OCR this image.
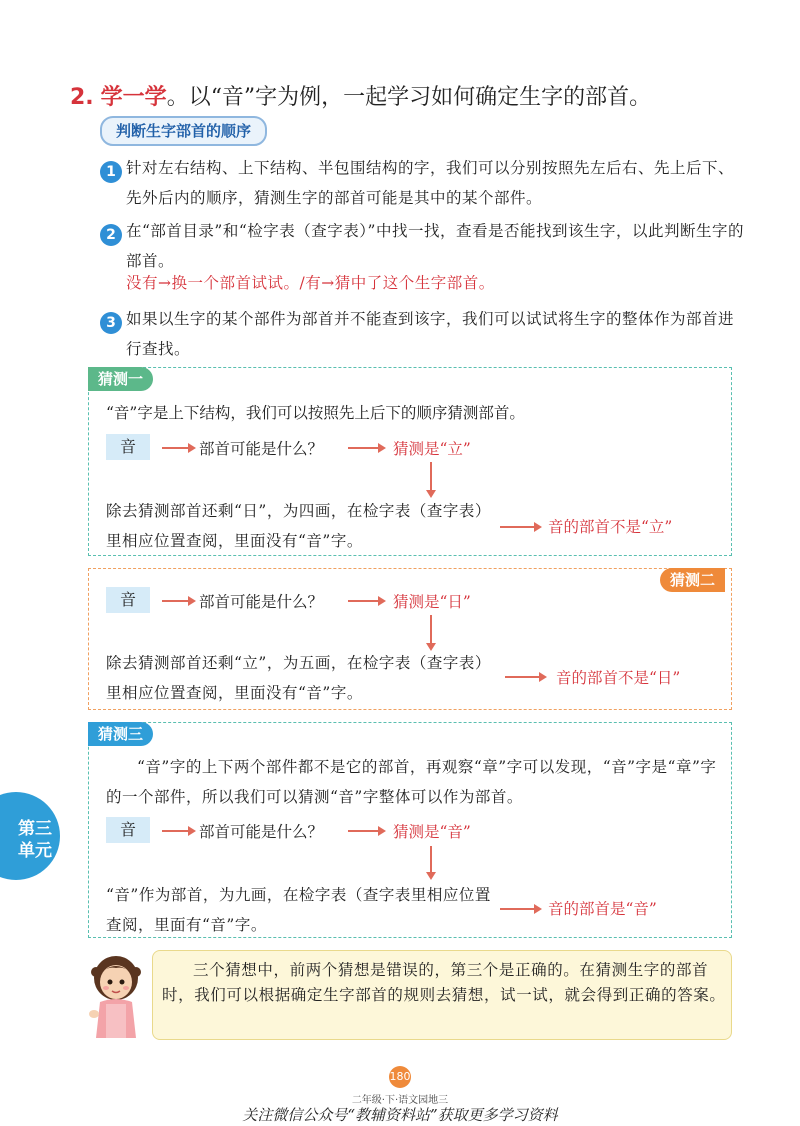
2. 学一学。以“音”字为例，一起学习如何确定生字的部首。
判断生字部首的顺序
1 针对左右结构、上下结构、半包围结构的字，我们可以分别按照先左后右、先上后下、先外后内的顺序，猜测生字的部首可能是其中的某个部件。
2 在“部首目录”和“检字表（查字表）”中找一找，查看是否能找到该生字，以此判断生字的部首。
没有→换一个部首试试。/有→猜中了这个生字部首。
3 如果以生字的某个部件为部首并不能查到该字，我们可以试试将生字的整体作为部首进行查找。
猜测一
“音”字是上下结构，我们可以按照先上后下的顺序猜测部首。
音	部首可能是什么？	猜测是“立”
除去猜测部首还剩“日”，为四画，在检字表（查字表）里相应位置查阅，里面没有“音”字。
音的部首不是“立”
猜测二
音	部首可能是什么？	猜测是“日”
除去猜测部首还剩“立”，为五画，在检字表（查字表）里相应位置查阅，里面没有“音”字。
音的部首不是“日”
猜测三
“音”字的上下两个部件都不是它的部首，再观察“章”字可以发现，“音”字是“章”字的一个部件，所以我们可以猜测“音”字整体可以作为部首。
音	部首可能是什么？	猜测是“音”
“音”作为部首，为九画，在检字表（查字表里相应位置查阅，里面有“音”字。
音的部首是“音”
第三
单元
三个猜想中，前两个猜想是错误的，第三个是正确的。在猜测生字的部首时，我们可以根据确定生字部首的规则去猜想，试一试，就会得到正确的答案。
180
二年级·下·语文园地三
关注微信公众号“教辅资料站”获取更多学习资料
